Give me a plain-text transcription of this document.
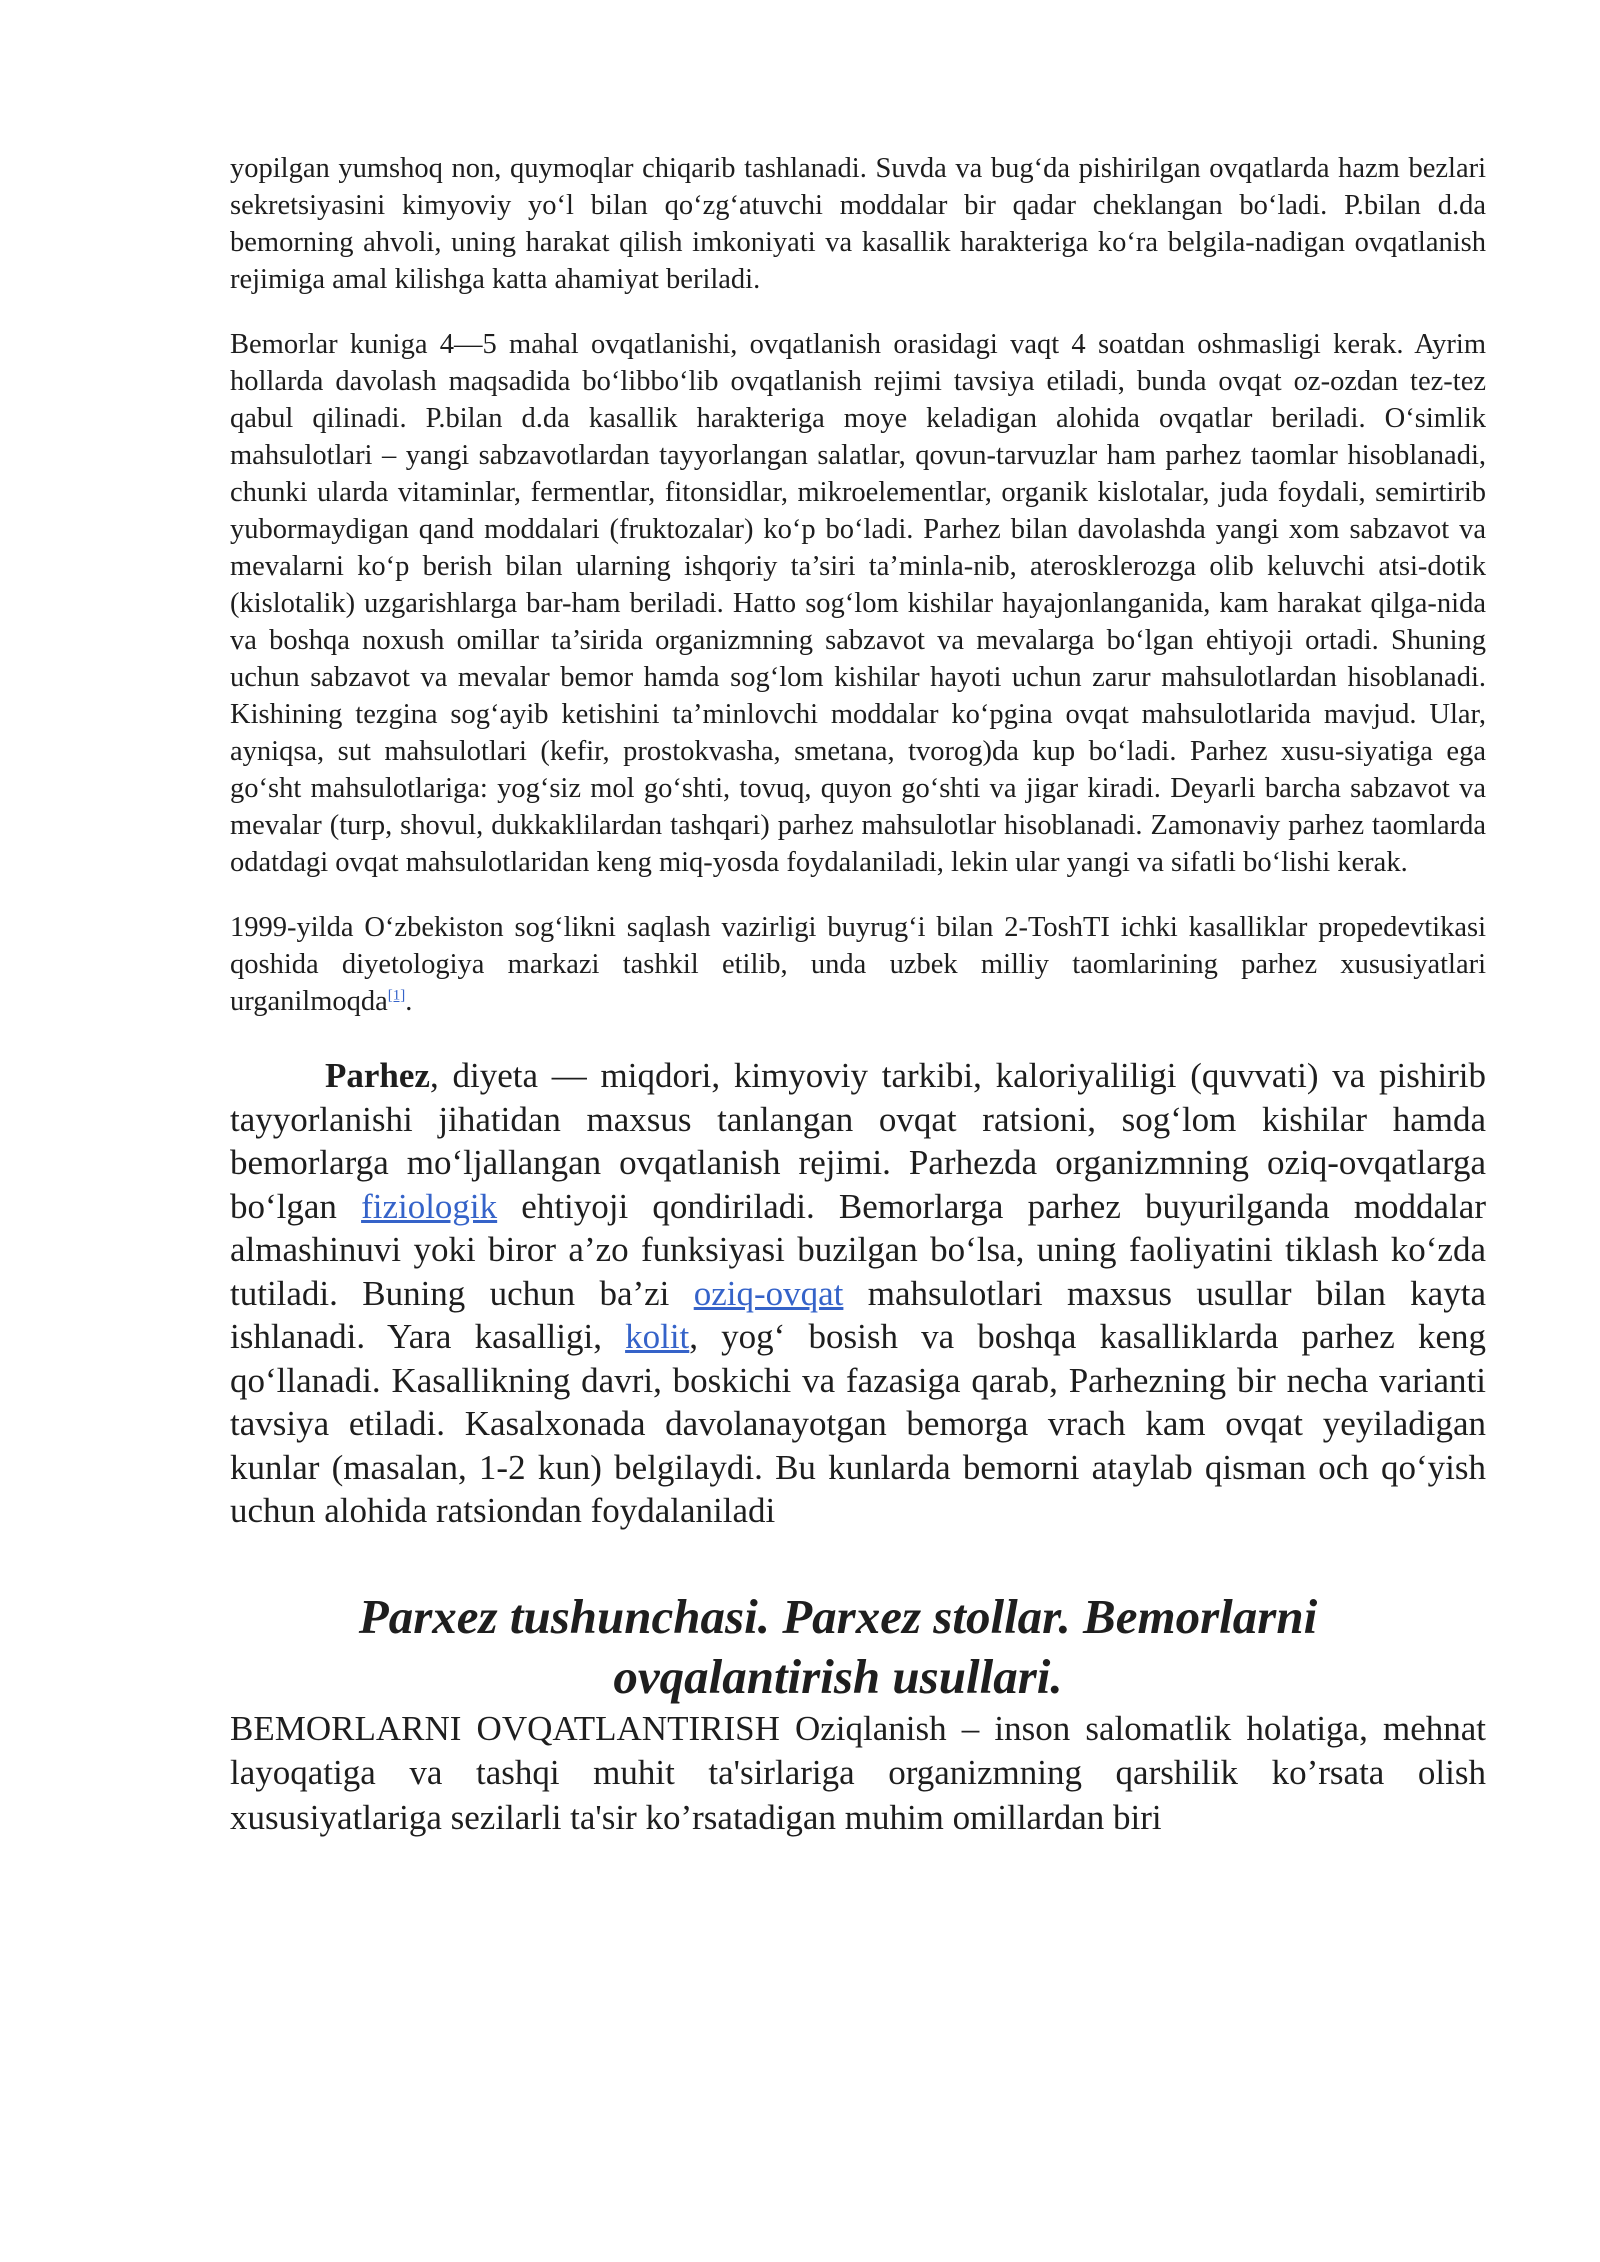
yopilgan yumshoq non, quymoqlar chiqarib tashlanadi. Suvda va bug‘da pishirilgan ovqatlarda hazm bezlari sekretsiyasini kimyoviy yo‘l bilan qo‘zg‘atuvchi moddalar bir qadar cheklangan bo‘ladi. P.bilan d.da bemorning ahvoli, uning harakat qilish imkoniyati va kasallik harakteriga ko‘ra belgila-nadigan ovqatlanish rejimiga amal kilishga katta ahamiyat beriladi.

Bemorlar kuniga 4—5 mahal ovqatlanishi, ovqatlanish orasidagi vaqt 4 soatdan oshmasligi kerak. Ayrim hollarda davolash maqsadida bo‘libbo‘lib ovqatlanish rejimi tavsiya etiladi, bunda ovqat oz-ozdan tez-tez qabul qilinadi. P.bilan d.da kasallik harakteriga moye keladigan alohida ovqatlar beriladi. O‘simlik mahsulotlari – yangi sabzavotlardan tayyorlangan salatlar, qovun-tarvuzlar ham parhez taomlar hisoblanadi, chunki ularda vitaminlar, fermentlar, fitonsidlar, mikroelementlar, organik kislotalar, juda foydali, semirtirib yubormaydigan qand moddalari (fruktozalar) ko‘p bo‘ladi. Parhez bilan davolashda yangi xom sabzavot va mevalarni ko‘p berish bilan ularning ishqoriy ta’siri ta’minla-nib, aterosklerozga olib keluvchi atsi-dotik (kislotalik) uzgarishlarga bar-ham beriladi. Hatto sog‘lom kishilar hayajonlanganida, kam harakat qilga-nida va boshqa noxush omillar ta’sirida organizmning sabzavot va mevalarga bo‘lgan ehtiyoji ortadi. Shuning uchun sabzavot va mevalar bemor hamda sog‘lom kishilar hayoti uchun zarur mahsulotlardan hisoblanadi. Kishining tezgina sog‘ayib ketishini ta’minlovchi moddalar ko‘pgina ovqat mahsulotlarida mavjud. Ular, ayniqsa, sut mahsulotlari (kefir, prostokvasha, smetana, tvorog)da kup bo‘ladi. Parhez xusu-siyatiga ega go‘sht mahsulotlariga: yog‘siz mol go‘shti, tovuq, quyon go‘shti va jigar kiradi. Deyarli barcha sabzavot va mevalar (turp, shovul, dukkaklilardan tashqari) parhez mahsulotlar hisoblanadi. Zamonaviy parhez taomlarda odatdagi ovqat mahsulotlaridan keng miq-yosda foydalaniladi, lekin ular yangi va sifatli bo‘lishi kerak.

1999-yilda O‘zbekiston sog‘likni saqlash vazirligi buyrug‘i bilan 2-ToshTI ichki kasalliklar propedevtikasi qoshida diyetologiya markazi tashkil etilib, unda uzbek milliy taomlarining parhez xususiyatlari urganilmoqda[1].

Parhez, diyeta — miqdori, kimyoviy tarkibi, kaloriyaliligi (quvvati) va pishirib tayyorlanishi jihatidan maxsus tanlangan ovqat ratsioni, sog‘lom kishilar hamda bemorlarga mo‘ljallangan ovqatlanish rejimi. Parhezda organizmning oziq-ovqatlarga bo‘lgan fiziologik ehtiyoji qondiriladi. Bemorlarga parhez buyurilganda moddalar almashinuvi yoki biror a’zo funksiyasi buzilgan bo‘lsa, uning faoliyatini tiklash ko‘zda tutiladi. Buning uchun ba’zi oziq-ovqat mahsulotlari maxsus usullar bilan kayta ishlanadi. Yara kasalligi, kolit, yog‘ bosish va boshqa kasalliklarda parhez keng qo‘llanadi. Kasallikning davri, boskichi va fazasiga qarab, Parhezning bir necha varianti tavsiya etiladi. Kasalxonada davolanayotgan bemorga vrach kam ovqat yeyiladigan kunlar (masalan, 1-2 kun) belgilaydi. Bu kunlarda bemorni ataylab qisman och qo‘yish uchun alohida ratsiondan foydalaniladi

Parxez tushunchasi. Parxez stollar. Bemorlarni ovqalantirish usullari.

BEMORLARNI OVQATLANTIRISH Oziqlanish – inson salomatlik holatiga, mehnat layoqatiga va tashqi muhit ta'sirlariga organizmning qarshilik ko’rsata olish xususiyatlariga sezilarli ta'sir ko’rsatadigan muhim omillardan biri
